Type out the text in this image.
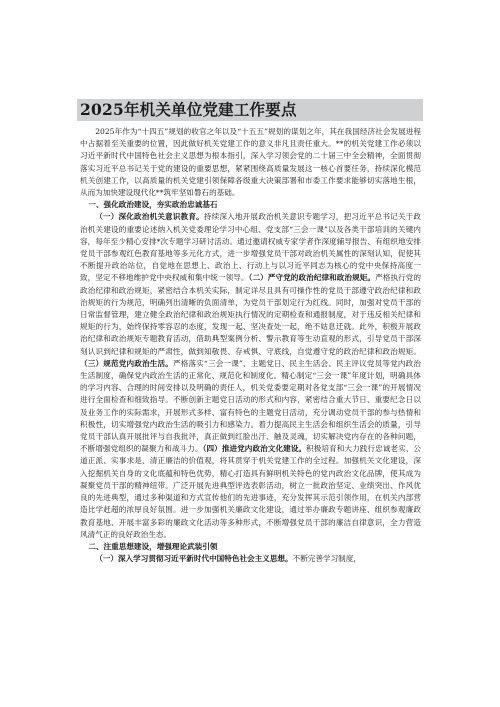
2025年机关单位党建工作要点

2025年作为“十四五”规划的收官之年以及“十五五”规划的谋划之年，其在我国经济社会发展进程中占据着至关重要的位置，因此做好机关党建工作的意义非凡且责任重大。**的机关党建工作必须以习近平新时代中国特色社会主义思想为根本指引，深入学习领会党的二十届三中全会精神，全面贯彻落实习近平总书记关于党的建设的重要思想，紧紧围绕高质量发展这一核心首要任务，持续深化模范机关创建工作，以高质量的机关党建引领保障各级重大决策部署和市委工作要求能够切实落地生根，从而为加快建设现代化**筑牢坚如磐石的基础。

一、强化政治建设，夯实政治忠诚基石

（一）深化政治机关意识教育。持续深入地开展政治机关意识专题学习，把习近平总书记关于政治机关建设的重要论述纳入机关党委理论学习中心组、党支部“三会一课”以及各类干部培训的关键内容，每年至少精心安排*次专题学习研讨活动。通过邀请权威专家学者作深度辅导报告、有组织地安排党员干部参观红色教育基地等多元化方式，进一步增强党员干部对政治机关属性的深刻认知，促使其不断提升政治站位，自觉地在思想上、政治上、行动上与以习近平同志为核心的党中央保持高度一致，坚定不移地维护党中央权威和集中统一领导。（二）严守党的政治纪律和政治规矩。严格执行党的政治纪律和政治规矩，紧密结合本机关实际，制定详尽且具有可操作性的党员干部遵守政治纪律和政治规矩的行为规范，明确列出清晰的负面清单，为党员干部划定行为红线。同时，加强对党员干部的日常监督管理，建立健全政治纪律和政治规矩执行情况的定期检查和通报制度，对于违反相关纪律和规矩的行为，始终保持零容忍的态度，发现一起、坚决查处一起，绝不姑息迁就。此外，积极开展政治纪律和政治规矩专题教育活动，借助典型案例分析、警示教育等生动直观的形式，引导党员干部深刻认识到纪律和规矩的严肃性，做到知敬畏、存戒惧、守底线，自觉遵守党的政治纪律和政治规矩。（三）规范党内政治生活。严格落实“三会一课”、主题党日、民主生活会、民主评议党员等党内政治生活制度，确保党内政治生活的正常化、规范化和制度化。精心制定“三会一课”年度计划，明确具体的学习内容、合理的时间安排以及明确的责任人，机关党委要定期对各党支部“三会一课”的开展情况进行全面检查和细致指导。不断创新主题党日活动的形式和内容，紧密结合重大节日、重要纪念日以及业务工作的实际需求，开展形式多样、富有特色的主题党日活动，充分调动党员干部的参与热情和积极性，切实增强党内政治生活的吸引力和感染力。着力提高民主生活会和组织生活会的质量，引导党员干部认真开展批评与自我批评，真正做到红脸出汗、触及灵魂，切实解决党内存在的各种问题，不断增强党组织的凝聚力和战斗力。（四）推进党内政治文化建设。积极培育和大力践行忠诚老实、公道正派、实事求是、清正廉洁的价值观，将其贯穿于机关党建工作的全过程。加强机关文化建设，深入挖掘机关自身的文化底蕴和特色优势，精心打造具有鲜明机关特色的党内政治文化品牌，使其成为凝聚党员干部的精神纽带。广泛开展先进典型评选表彰活动，树立一批政治坚定、业绩突出、作风优良的先进典型，通过多种渠道和方式宣传他们的先进事迹，充分发挥其示范引领作用，在机关内部营造比学赶超的浓厚良好氛围。进一步加强机关廉政文化建设，通过举办廉政专题讲座、组织参观廉政教育基地、开展丰富多彩的廉政文化活动等多种形式，不断增强党员干部的廉洁自律意识，全力营造风清气正的良好政治生态。

二、注重思想建设，增强理论武装引领

（一）深入学习贯彻习近平新时代中国特色社会主义思想。不断完善学习制度，
